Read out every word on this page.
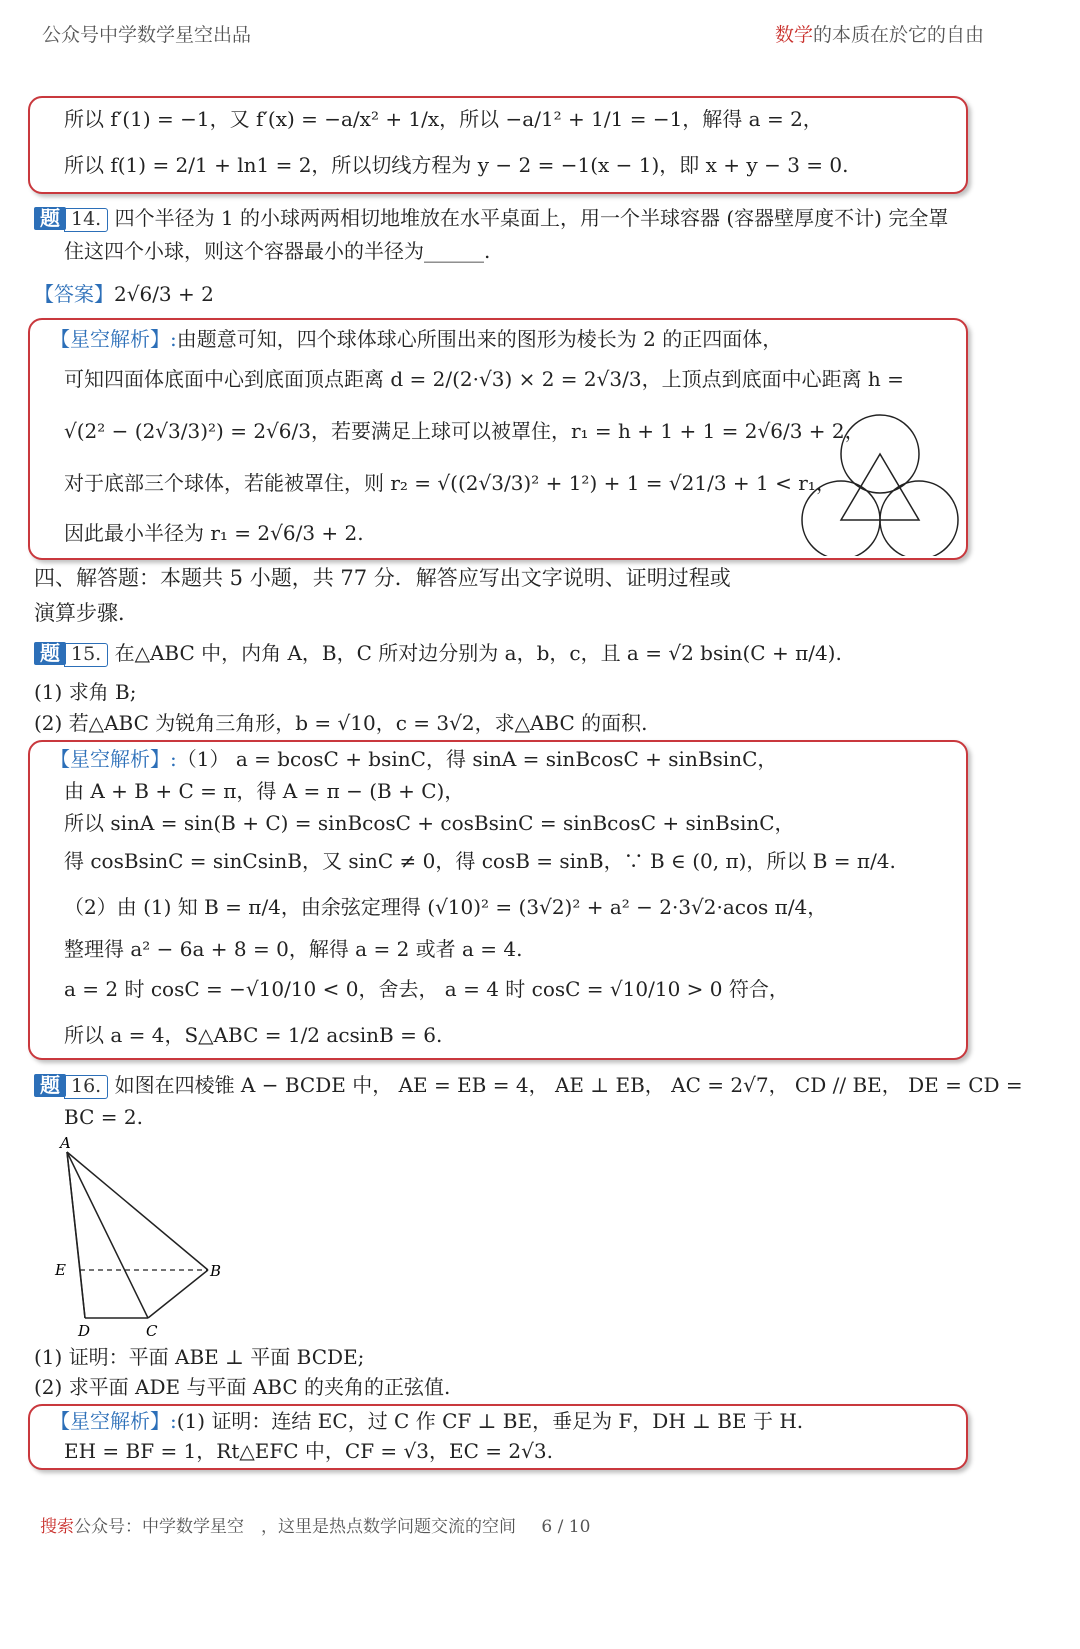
公众号中学数学星空出品	数学的本质在於它的自由
所以 f′(1) = −1，又 f′(x) = −a/x² + 1/x，所以 −a/1² + 1/1 = −1，解得 a = 2，
所以 f(1) = 2/1 + ln1 = 2，所以切线方程为 y − 2 = −1(x − 1)，即 x + y − 3 = 0.
题 14. 四个半径为 1 的小球两两相切地堆放在水平桌面上，用一个半球容器 (容器壁厚度不计) 完全罩
住这四个小球，则这个容器最小的半径为______.
【答案】2√6/3 + 2
【星空解析】:由题意可知，四个球体球心所围出来的图形为棱长为 2 的正四面体，
可知四面体底面中心到底面顶点距离 d = 2/(2·√3) × 2 = 2√3/3，上顶点到底面中心距离 h =
√(2² − (2√3/3)²) = 2√6/3，若要满足上球可以被罩住，r₁ = h + 1 + 1 = 2√6/3 + 2，
对于底部三个球体，若能被罩住，则 r₂ = √((2√3/3)² + 1²) + 1 = √21/3 + 1 < r₁，
因此最小半径为 r₁ = 2√6/3 + 2.
四、解答题：本题共 5 小题，共 77 分．解答应写出文字说明、证明过程或
演算步骤．
题 15. 在△ABC 中，内角 A，B，C 所对边分别为 a，b，c，且 a = √2 bsin(C + π/4).
(1) 求角 B;
(2) 若△ABC 为锐角三角形，b = √10，c = 3√2，求△ABC 的面积.
【星空解析】:（1） a = bcosC + bsinC，得 sinA = sinBcosC + sinBsinC，
由 A + B + C = π，得 A = π − (B + C)，
所以 sinA = sin(B + C) = sinBcosC + cosBsinC = sinBcosC + sinBsinC，
得 cosBsinC = sinCsinB，又 sinC ≠ 0，得 cosB = sinB，∵ B ∈ (0, π)，所以 B = π/4.
（2）由 (1) 知 B = π/4，由余弦定理得 (√10)² = (3√2)² + a² − 2·3√2·acos π/4，
整理得 a² − 6a + 8 = 0，解得 a = 2 或者 a = 4.
a = 2 时 cosC = −√10/10 < 0，舍去， a = 4 时 cosC = √10/10 > 0 符合，
所以 a = 4，S△ABC = 1/2 acsinB = 6.
题 16. 如图在四棱锥 A − BCDE 中， AE = EB = 4， AE ⊥ EB， AC = 2√7， CD // BE， DE = CD =
BC = 2.
A
E	B
D	C
(1) 证明：平面 ABE ⊥ 平面 BCDE;
(2) 求平面 ADE 与平面 ABC 的夹角的正弦值.
【星空解析】:(1) 证明：连结 EC，过 C 作 CF ⊥ BE，垂足为 F，DH ⊥ BE 于 H.
EH = BF = 1，Rt△EFC 中，CF = √3，EC = 2√3.
搜索公众号：中学数学星空　，这里是热点数学问题交流的空间 6 / 10
